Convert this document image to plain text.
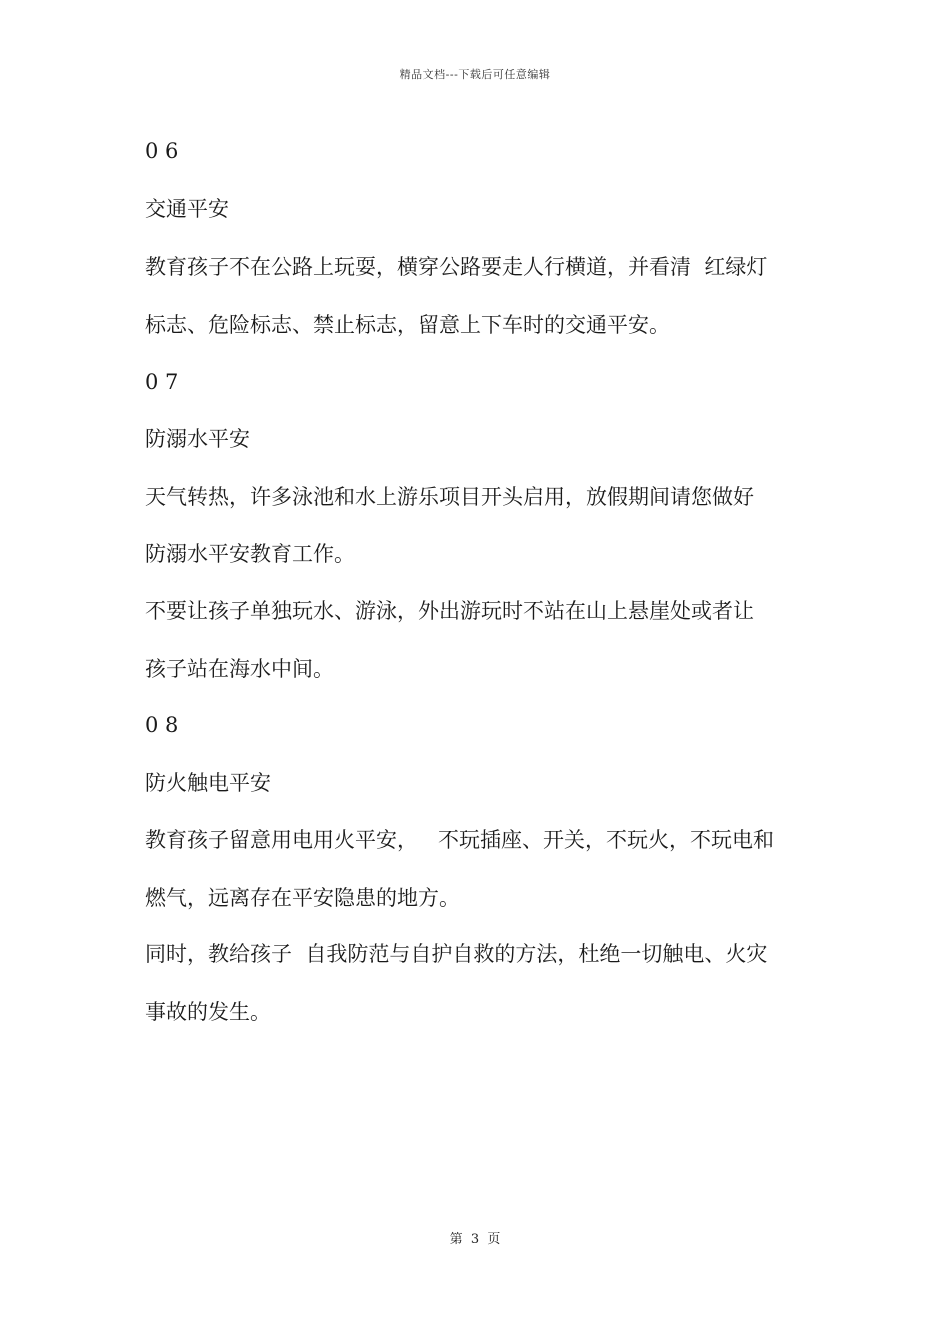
精品文档---下载后可任意编辑
0 6
交通平安
教育孩子不在公路上玩耍，横穿公路要走人行横道，并看清  红绿灯
标志、危险标志、禁止标志，留意上下车时的交通平安。
0 7
防溺水平安
天气转热，许多泳池和水上游乐项目开头启用，放假期间请您做好
防溺水平安教育工作。
不要让孩子单独玩水、游泳，外出游玩时不站在山上悬崖处或者让
孩子站在海水中间。
0 8
防火触电平安
教育孩子留意用电用火平安，   不玩插座、开关，不玩火，不玩电和
燃气，远离存在平安隐患的地方。
同时，教给孩子  自我防范与自护自救的方法，杜绝一切触电、火灾
事故的发生。
第  3  页
